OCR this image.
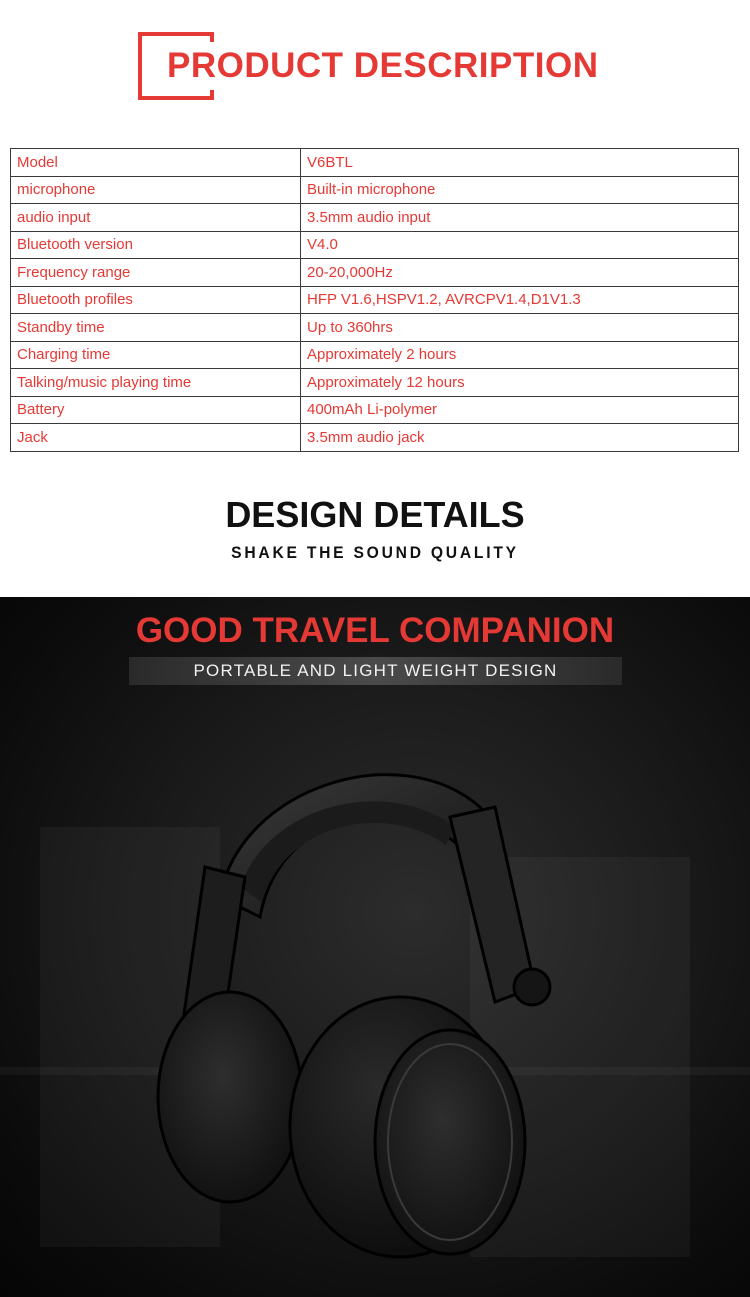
PRODUCT DESCRIPTION
Model	V6BTL
microphone	Built-in microphone
audio input	3.5mm audio input
Bluetooth version	V4.0
Frequency range	20-20,000Hz
Bluetooth profiles	HFP V1.6,HSPV1.2, AVRCPV1.4,D1V1.3
Standby time	Up to 360hrs
Charging time	Approximately 2 hours
Talking/music playing time	Approximately 12 hours
Battery	400mAh Li-polymer
Jack	3.5mm audio jack
DESIGN DETAILS
SHAKE THE SOUND QUALITY
GOOD TRAVEL COMPANION
PORTABLE AND LIGHT WEIGHT DESIGN
